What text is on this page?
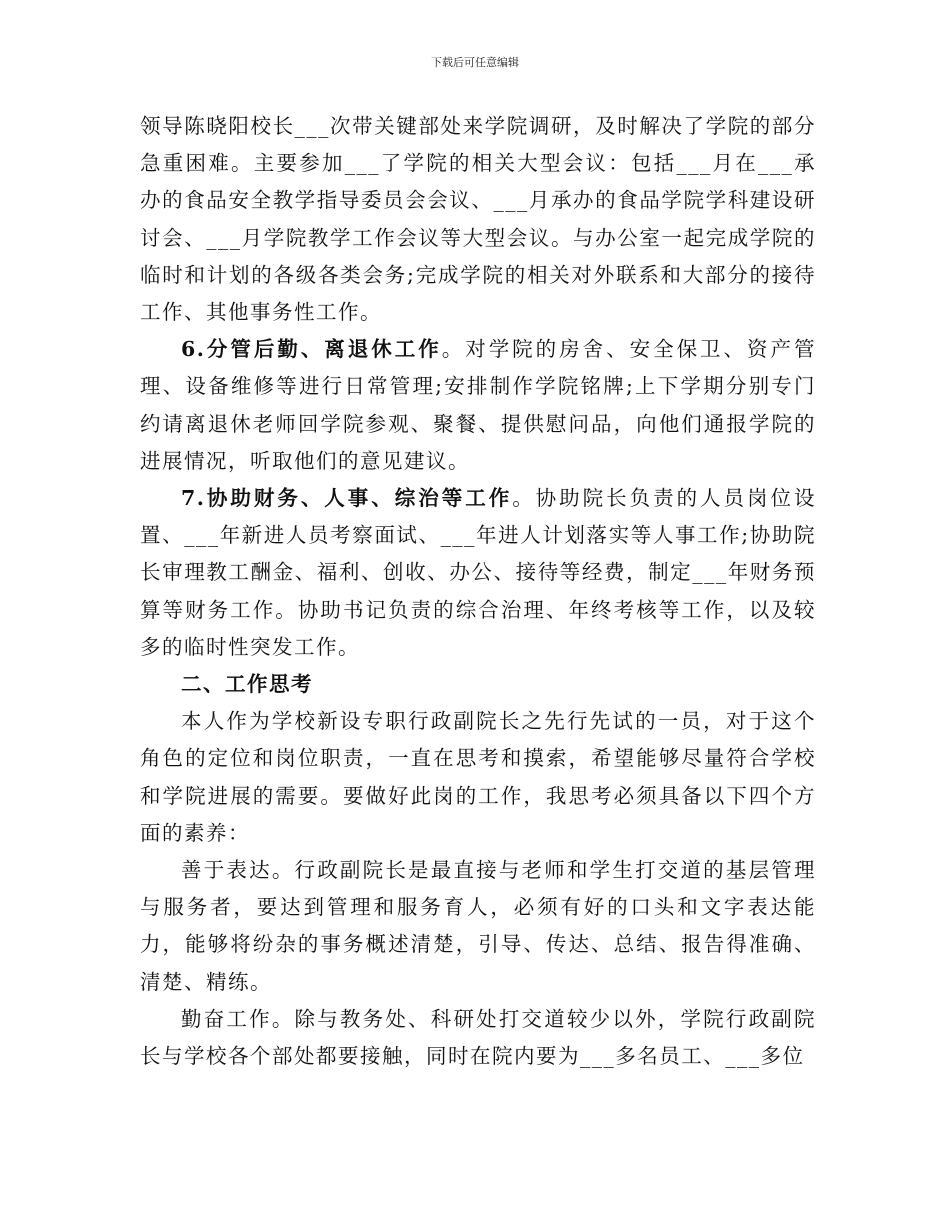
下载后可任意编辑

领导陈晓阳校长___次带关键部处来学院调研，及时解决了学院的部分急重困难。主要参加___了学院的相关大型会议：包括___月在___承办的食品安全教学指导委员会会议、___月承办的食品学院学科建设研讨会、___月学院教学工作会议等大型会议。与办公室一起完成学院的临时和计划的各级各类会务;完成学院的相关对外联系和大部分的接待工作、其他事务性工作。

6.分管后勤、离退休工作。对学院的房舍、安全保卫、资产管理、设备维修等进行日常管理;安排制作学院铭牌;上下学期分别专门约请离退休老师回学院参观、聚餐、提供慰问品，向他们通报学院的进展情况，听取他们的意见建议。

7.协助财务、人事、综治等工作。协助院长负责的人员岗位设置、___年新进人员考察面试、___年进人计划落实等人事工作;协助院长审理教工酬金、福利、创收、办公、接待等经费，制定___年财务预算等财务工作。协助书记负责的综合治理、年终考核等工作，以及较多的临时性突发工作。

二、工作思考

本人作为学校新设专职行政副院长之先行先试的一员，对于这个角色的定位和岗位职责，一直在思考和摸索，希望能够尽量符合学校和学院进展的需要。要做好此岗的工作，我思考必须具备以下四个方面的素养：

善于表达。行政副院长是最直接与老师和学生打交道的基层管理与服务者，要达到管理和服务育人，必须有好的口头和文字表达能力，能够将纷杂的事务概述清楚，引导、传达、总结、报告得准确、清楚、精练。

勤奋工作。除与教务处、科研处打交道较少以外，学院行政副院长与学校各个部处都要接触，同时在院内要为___多名员工、___多位
